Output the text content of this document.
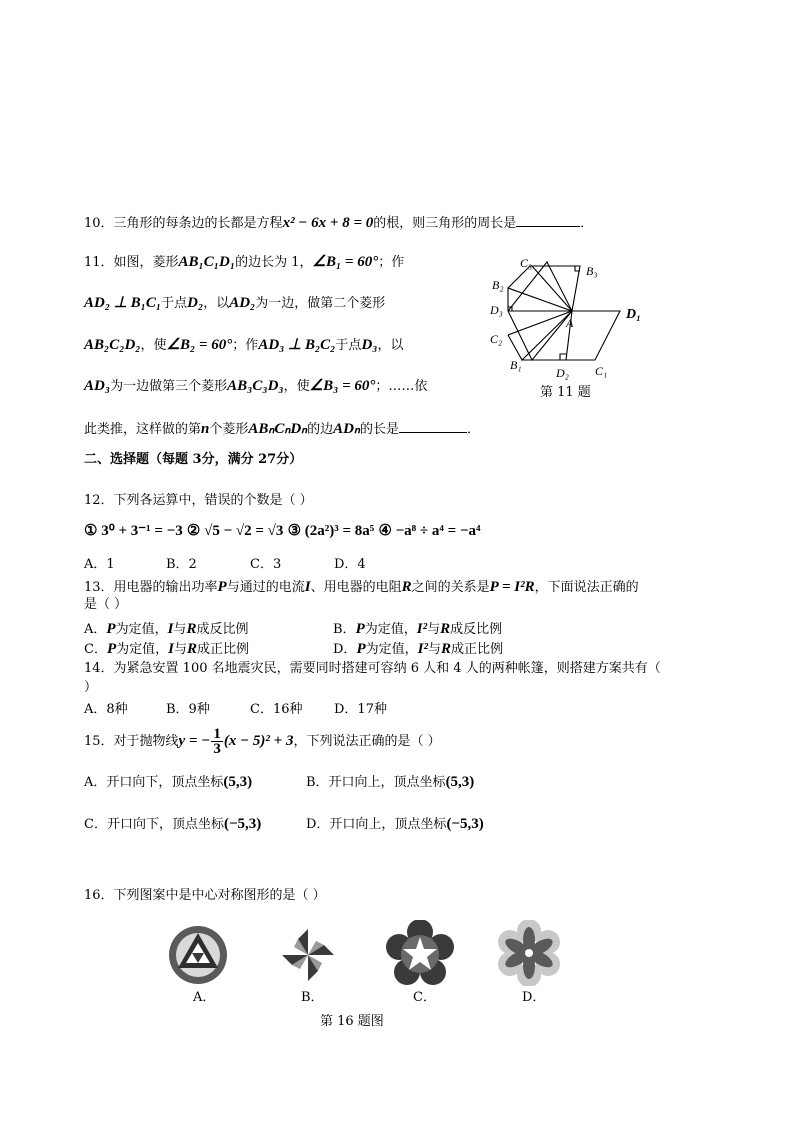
10．三角形的每条边的长都是方程x² − 6x + 8 = 0的根，则三角形的周长是	．
11．如图，菱形AB₁C₁D₁的边长为 1，∠B₁ = 60°；作
AD₂ ⊥ B₁C₁于点D₂，以AD₂为一边，做第二个菱形
AB₂C₂D₂，使∠B₂ = 60°；作AD₃ ⊥ B₂C₂于点D₃，以
AD₃为一边做第三个菱形AB₃C₃D₃，使∠B₃ = 60°；……依
此类推，这样做的第n个菱形ABₙCₙDₙ的边ADₙ的长是	．
C₃
B₃
B₂
D₃	D₁
A
C₂
B₁
D₂ C₁
第 11 题
二、选择题（每题 3分，满分 27分）
12．下列各运算中，错误的个数是（ ）
① 3⁰ + 3⁻¹ = −3 ② √5 − √2 = √3 ③ (2a²)³ = 8a⁵ ④ −a⁸ ÷ a⁴ = −a⁴
A．1	B．2	C．3	D．4
13．用电器的输出功率P与通过的电流I、用电器的电阻R之间的关系是P = I²R，下面说法正确的
是（ ）
A．P为定值，I与R成反比例	B．P为定值，I²与R成反比例
C．P为定值，I与R成正比例	D．P为定值，I²与R成正比例
14．为紧急安置 100 名地震灾民，需要同时搭建可容纳 6 人和 4 人的两种帐篷，则搭建方案共有（
）
A．8种	B．9种	C．16种 D．17种
15．对于抛物线y = − $\frac{1}{3} (x - 5)^2 + 3$，下列说法正确的是（ ）
A．开口向下，顶点坐标(5,3)	B．开口向上，顶点坐标(5,3)
C．开口向下，顶点坐标(−5,3)	D．开口向上，顶点坐标(−5,3)
16．下列图案中是中心对称图形的是（ ）
A．	B．	C．	D．
第 16 题图
